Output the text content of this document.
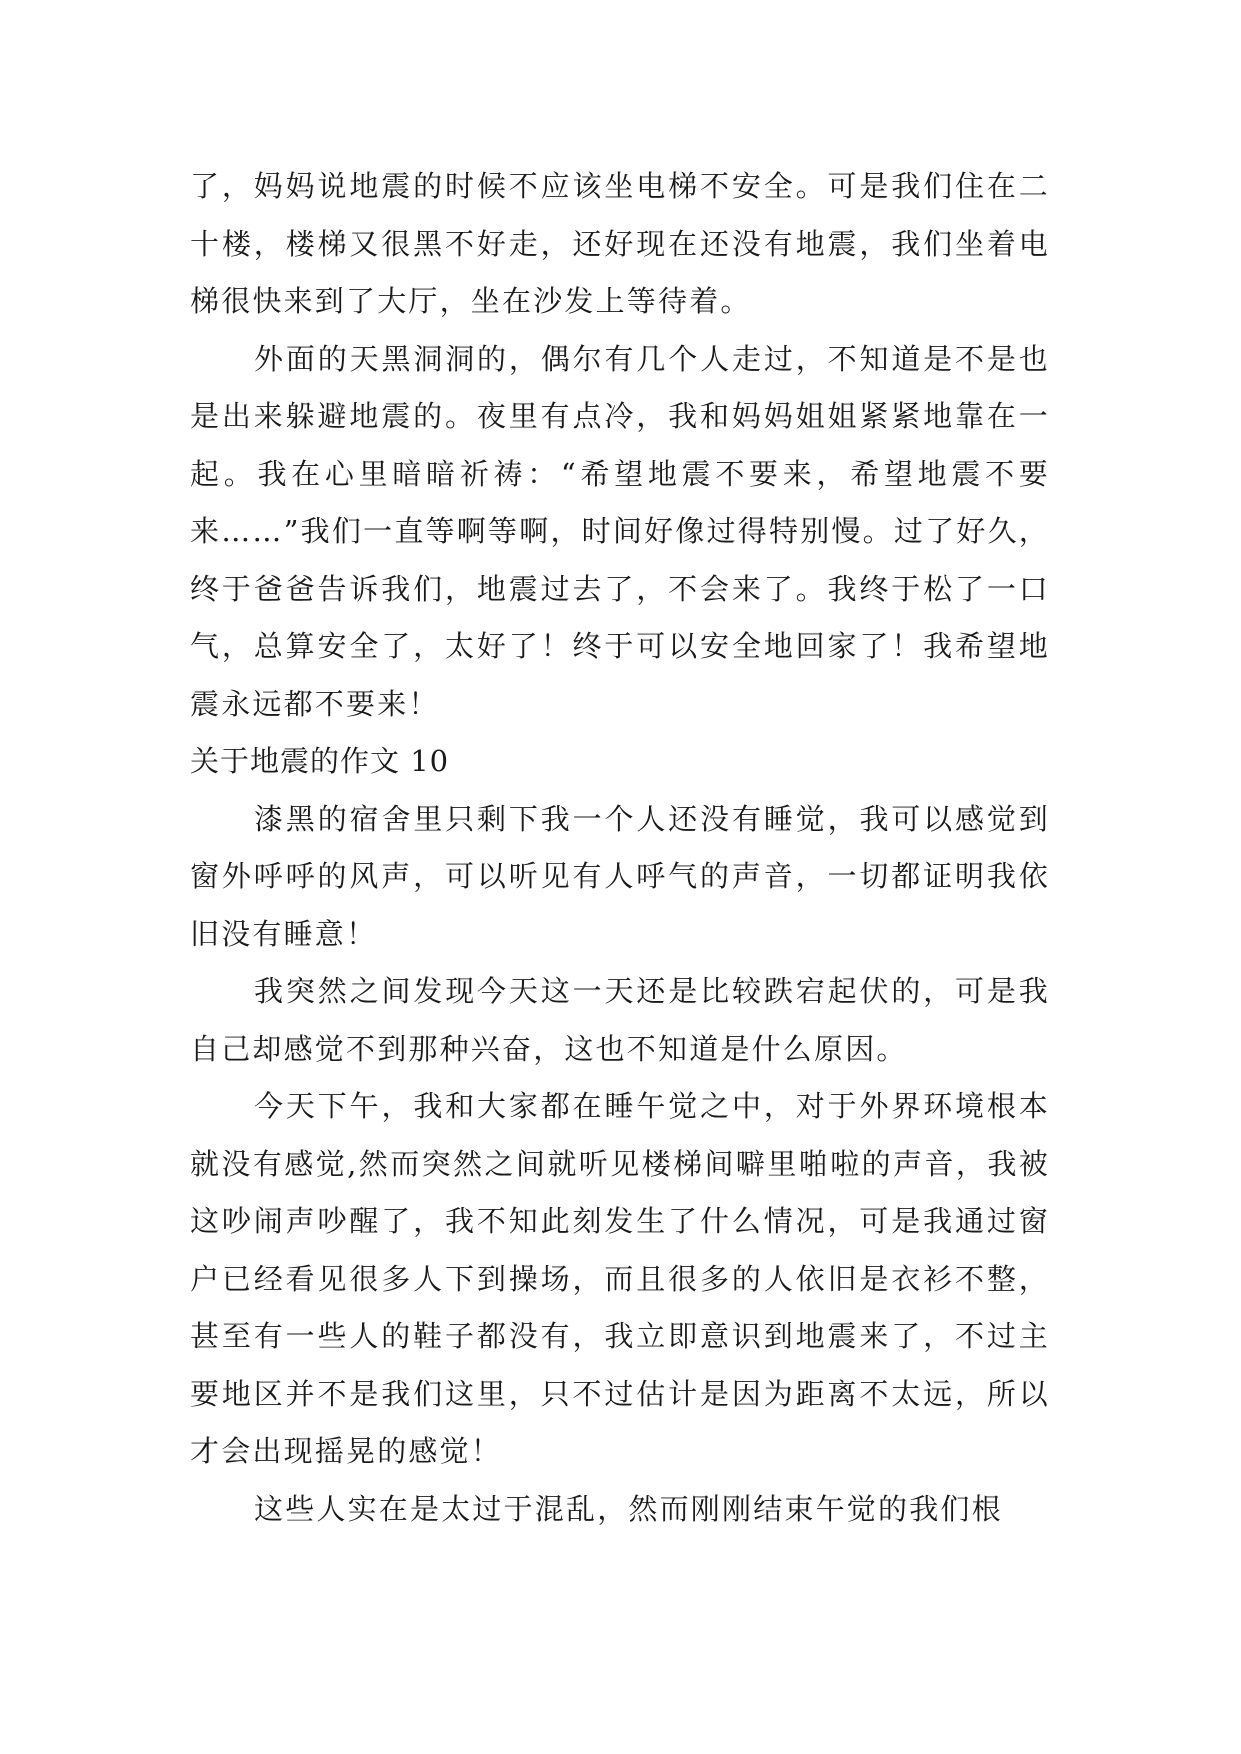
了，妈妈说地震的时候不应该坐电梯不安全。可是我们住在二十楼，楼梯又很黑不好走，还好现在还没有地震，我们坐着电梯很快来到了大厅，坐在沙发上等待着。

外面的天黑洞洞的，偶尔有几个人走过，不知道是不是也是出来躲避地震的。夜里有点冷，我和妈妈姐姐紧紧地靠在一起。我在心里暗暗祈祷：“希望地震不要来，希望地震不要来……”我们一直等啊等啊，时间好像过得特别慢。过了好久，终于爸爸告诉我们，地震过去了，不会来了。我终于松了一口气，总算安全了，太好了！终于可以安全地回家了！我希望地震永远都不要来！

关于地震的作文 10

漆黑的宿舍里只剩下我一个人还没有睡觉，我可以感觉到窗外呼呼的风声，可以听见有人呼气的声音，一切都证明我依旧没有睡意！

我突然之间发现今天这一天还是比较跌宕起伏的，可是我自己却感觉不到那种兴奋，这也不知道是什么原因。

今天下午，我和大家都在睡午觉之中，对于外界环境根本就没有感觉,然而突然之间就听见楼梯间噼里啪啦的声音，我被这吵闹声吵醒了，我不知此刻发生了什么情况，可是我通过窗户已经看见很多人下到操场，而且很多的人依旧是衣衫不整，甚至有一些人的鞋子都没有，我立即意识到地震来了，不过主要地区并不是我们这里，只不过估计是因为距离不太远，所以才会出现摇晃的感觉！

这些人实在是太过于混乱，然而刚刚结束午觉的我们根
